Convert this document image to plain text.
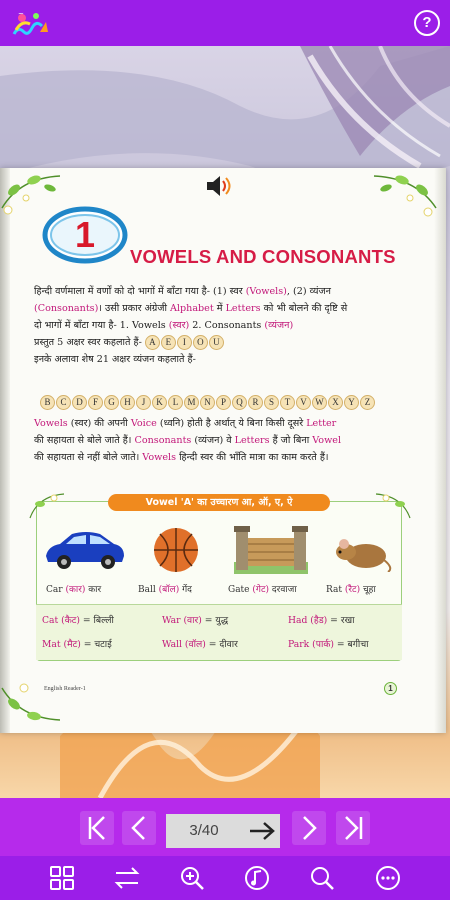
~	?
1
VOWELS AND CONSONANTS
हिन्दी वर्णमाला में वर्णों को दो भागों में बाँटा गया है- (1) स्वर (Vowels), (2) व्यंजन
(Consonants)। उसी प्रकार अंग्रेजी Alphabet में Letters को भी बोलने की दृष्टि से
दो भागों में बाँटा गया है- 1. Vowels (स्वर) 2. Consonants (व्यंजन)
प्रस्तुत 5 अक्षर स्वर कहलाते हैं- A E I O U
इनके अलावा शेष 21 अक्षर व्यंजन कहलाते हैं-
B C D F G H J K L M N P Q R S T V W X Y Z
Vowels (स्वर) की अपनी Voice (ध्वनि) होती है अर्थात् ये बिना किसी दूसरे Letter
की सहायता से बोले जाते हैं। Consonants (व्यंजन) वे Letters हैं जो बिना Vowel
की सहायता से नहीं बोले जाते। Vowels हिन्दी स्वर की भाँति मात्रा का काम करते हैं।
Vowel 'A' का उच्चारण आ, ऑ, ए, ऐ
Car (कार) कार	Ball (बॉल) गेंद	Gate (गेट) दरवाजा	Rat (रैट) चूहा
Cat (कैट) = बिल्ली	War (वार) = युद्ध	Had (हैड) = रखा
Mat (मैट) = चटाई	Wall (वॉल) = दीवार	Park (पार्क) = बगीचा
English Reader-1	1
3/40
